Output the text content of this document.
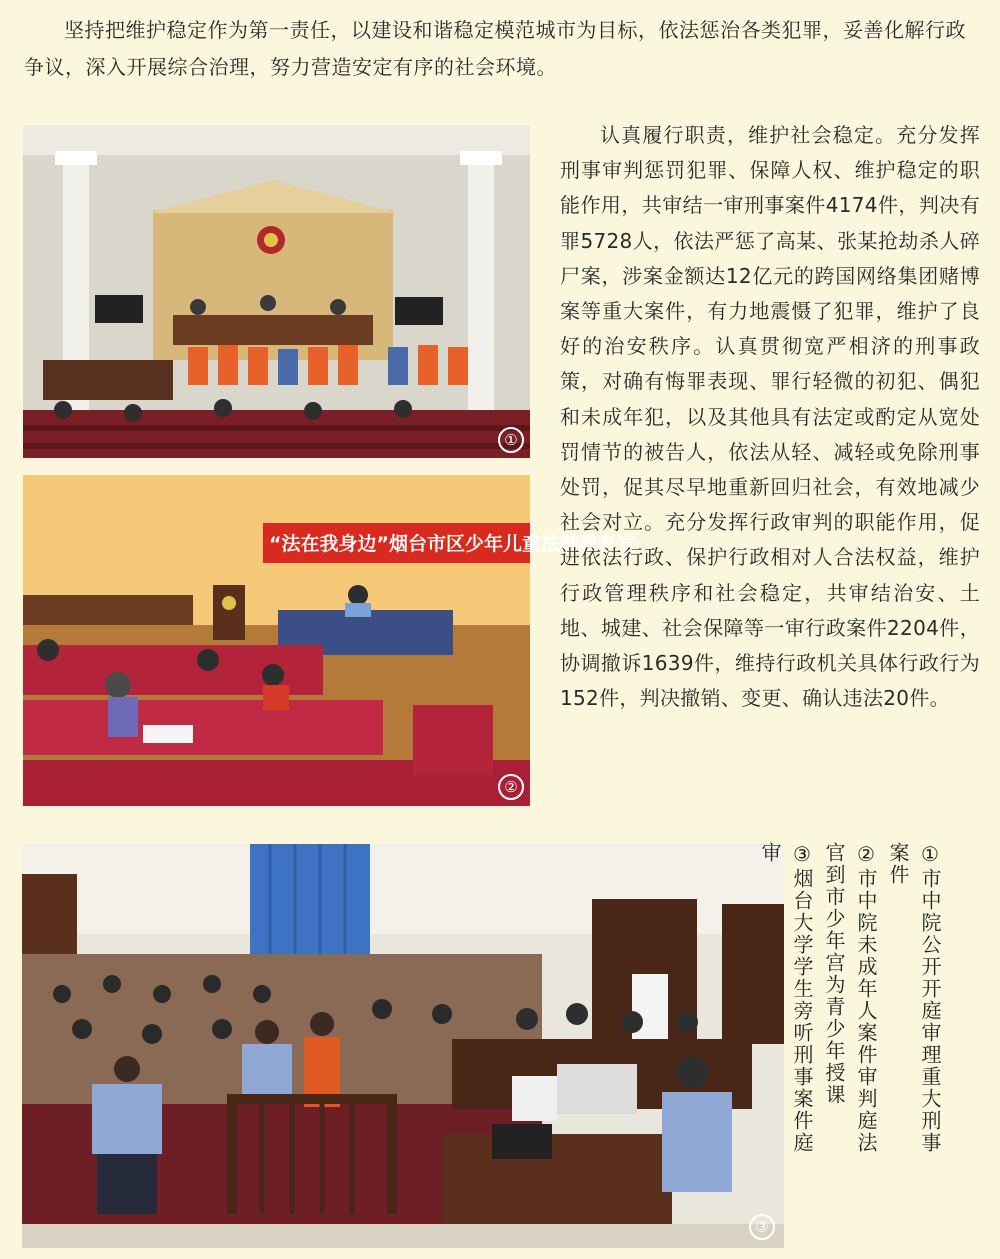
坚持把维护稳定作为第一责任，以建设和谐稳定模范城市为目标，依法惩治各类犯罪，妥善化解行政争议，深入开展综合治理，努力营造安定有序的社会环境。

①
“法在我身边”烟台市区少年儿童法制教育宣
②

认真履行职责，维护社会稳定。充分发挥刑事审判惩罚犯罪、保障人权、维护稳定的职能作用，共审结一审刑事案件4174件，判决有罪5728人，依法严惩了高某、张某抢劫杀人碎尸案，涉案金额达12亿元的跨国网络集团赌博案等重大案件，有力地震慑了犯罪，维护了良好的治安秩序。认真贯彻宽严相济的刑事政策，对确有悔罪表现、罪行轻微的初犯、偶犯和未成年犯，以及其他具有法定或酌定从宽处罚情节的被告人，依法从轻、减轻或免除刑事处罚，促其尽早地重新回归社会，有效地减少社会对立。充分发挥行政审判的职能作用，促进依法行政、保护行政相对人合法权益，维护行政管理秩序和社会稳定，共审结治安、土地、城建、社会保障等一审行政案件2204件，协调撤诉1639件，维持行政机关具体行政行为152件，判决撤销、变更、确认违法20件。

③

①市中院公开开庭审理重大刑事案件

②市中院未成年人案件审判庭法官到市少年宫为青少年授课

③烟台大学学生旁听刑事案件庭审
